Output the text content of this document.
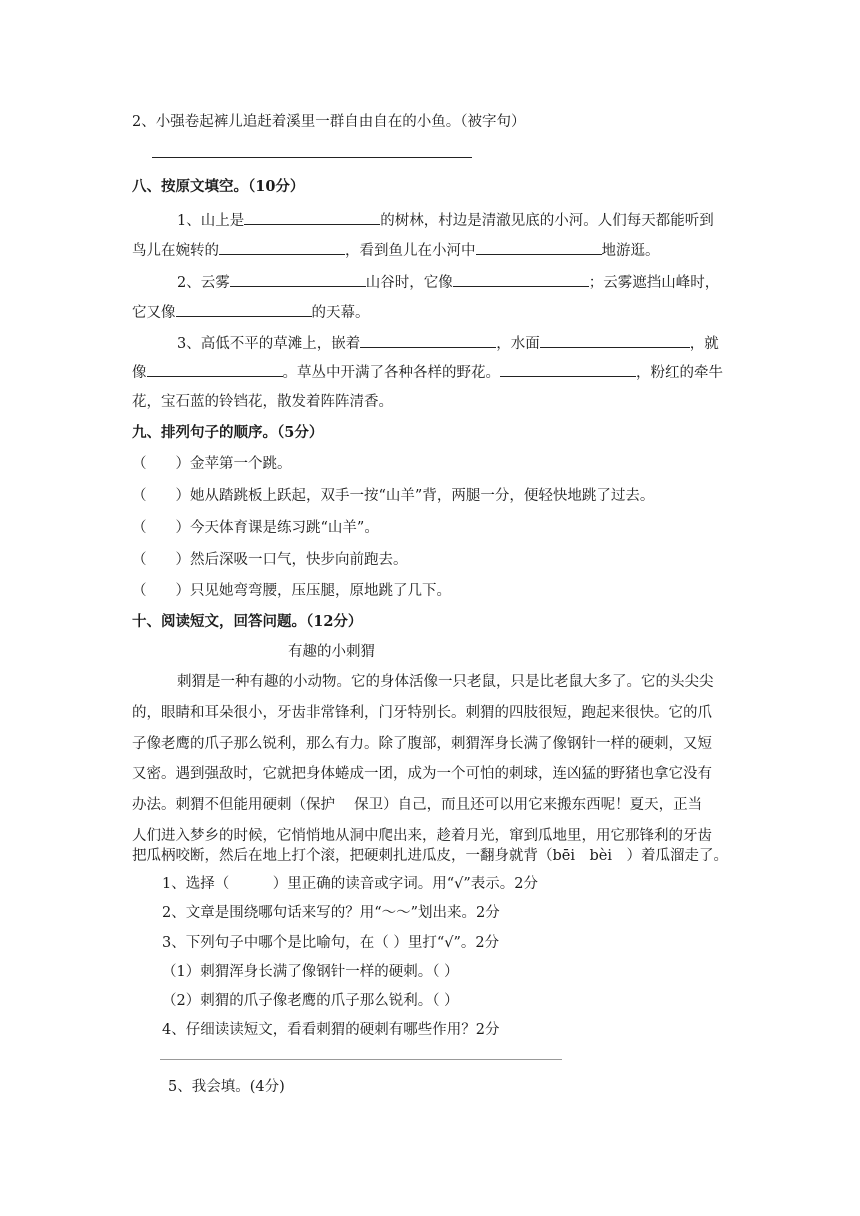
2、小强卷起裤儿追赶着溪里一群自由自在的小鱼。（被字句）
八、按原文填空。（10分）
1、山上是	的树林，村边是清澈见底的小河。人们每天都能听到
鸟儿在婉转的	，看到鱼儿在小河中	地游逛。
2、云雾	山谷时，它像	；云雾遮挡山峰时，
它又像	的天幕。
3、高低不平的草滩上，嵌着	，水面	，就
像	。草丛中开满了各种各样的野花。	，粉红的牵牛
花，宝石蓝的铃铛花，散发着阵阵清香。
九、排列句子的顺序。（5分）
（　　）金苹第一个跳。
（　　）她从踏跳板上跃起，双手一按“山羊”背，两腿一分，便轻快地跳了过去。
（　　）今天体育课是练习跳“山羊”。
（　　）然后深吸一口气，快步向前跑去。
（　　）只见她弯弯腰，压压腿，原地跳了几下。
十、阅读短文，回答问题。（12分）
有趣的小刺猬
刺猬是一种有趣的小动物。它的身体活像一只老鼠，只是比老鼠大多了。它的头尖尖
的，眼睛和耳朵很小，牙齿非常锋利，门牙特别长。刺猬的四肢很短，跑起来很快。它的爪
子像老鹰的爪子那么锐利，那么有力。除了腹部，刺猬浑身长满了像钢针一样的硬刺，又短
又密。遇到强敌时，它就把身体蜷成一团，成为一个可怕的刺球，连凶猛的野猪也拿它没有
办法。刺猬不但能用硬刺（保护　 保卫）自己，而且还可以用它来搬东西呢！夏天，正当
人们进入梦乡的时候，它悄悄地从洞中爬出来，趁着月光，窜到瓜地里，用它那锋利的牙齿
把瓜柄咬断，然后在地上打个滚，把硬刺扎进瓜皮，一翻身就背（bēi　bèi　）着瓜溜走了。
1、选择（　　　）里正确的读音或字词。用“√”表示。2分
2、文章是围绕哪句话来写的？用“～～”划出来。2分
3、下列句子中哪个是比喻句，在（ ）里打“√”。2分
（1）刺猬浑身长满了像钢针一样的硬刺。（ ）
（2）刺猬的爪子像老鹰的爪子那么锐利。（ ）
4、仔细读读短文，看看刺猬的硬刺有哪些作用？2分
5、我会填。(4分)
